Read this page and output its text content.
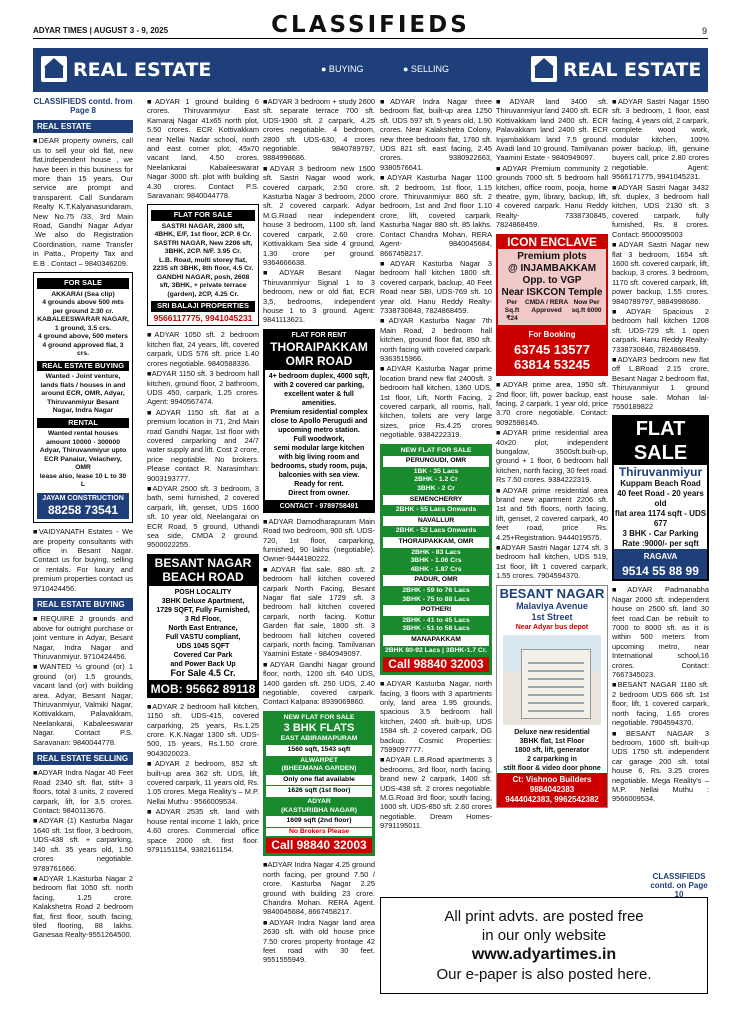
ADYAR TIMES | AUGUST 3 - 9, 2025	CLASSIFIEDS	9
REAL ESTATE	● BUYING	● SELLING	REAL ESTATE
CLASSIFIEDS contd. from Page 8
REAL ESTATE

■DEAR property owners, call us to sell your old flat, new flat,independent house , we have been in this business for more than 15 years. Our service are prompt and transparent. Call Sundaram Realty K.T.Kalyanasundaram, New No.75 /33, 3rd Main Road, Gandhi Nagar Adyar .We also do Registration Coordination, name Transfer in Patta., Property Tax and E.B . Contact – 9840346209.

FOR SALE
AKKARAI (Sea clip)
4 grounds above 500 mts
per ground 2.30 cr.
KABALEESWARAR NAGAR,
1 ground, 3.5 crs.
4 ground above, 500 meters
4 ground approved flat, 3 crs.
REAL ESTATE BUYING
Wanted - Joint venture, lands flats / houses in and around ECR, OMR, Adyar, Thiruvanmiyur Besant Nagar, Indra Nagar
RENTAL
Wanted rental houses amount 10000 - 300000
Adyar, Thiruvanmiyur upto ECR Panaiur, Velachery, OMR
lease also, lease 10 L to 30 L
JAYAM CONSTRUCTION
88258 73541

■VAIDYANATH Estates - We are property consultants with office in Besant Nagar. Contact us for buying, selling or rentals. For luxury and premium properties contact us 9710424456.

REAL ESTATE BUYING

■REQUIRE 2 grounds and above for outright purchase or joint venture in Adyar, Besant Nagar, Indra Nagar and Thiruvanmiyur. 9710424456.

■WANTED ½ ground (or) 1 ground (or) 1.5 grounds, vacant land (or) with building area. Adyar, Besant Nagar, Thiruvanmiyur, Valmiki Nagar, Kottivakkam, Palavakkam, Neelankarai, Kabaleeswarar Nagar. Contact P.S. Saravanan: 9840044778.

REAL ESTATE SELLING

■ADYAR Indra Nagar 40 Feet Road 2340 sft. flat, stilt+ 3 floors, total 3 units, 2 covered carpark, lift, for 3.5 crores. Contact: 9840113676.

■ADYAR (1) Kasturba Nagar 1640 sft. 1st floor, 3 bedroom, UDS-438 sft. + carparking, 140 sft. 35 years old, 1.50 crores negotiable. 9789761666.

■ADYAR 1.Kasturba Nagar 2 bedroom flat 1050 sft. north facing, 1.25 crore. Kalakshetra Road 2 bedroom flat, first floor, south facing, tiled flooring, 88 lakhs. Ganesaa Realty-9551264500.

■ADYAR 1 ground building 6 crores. Thiruvanmiyur East Kamaraj Nagar 41x65 north plot, 5.50 crores. ECR Kottivakkam near Nellai Nadar school, north and east corner plot, 45x70 vacant land, 4.50 crores. Neelankarai Kabaleeswarar Nagar 3000 sft. plot with building 4.30 crores. Contact P.S. Saravanan: 9840044778.

FLAT FOR SALE
SASTRI NAGAR, 2800 sft, 4BHK, E/F, 1st floor, 2CP. 6 Cr.
SASTRI NAGAR, New 2206 sft, 3BHK, 2CP. N/F. 3.95 Cr.
L.B. Road, multi storey flat, 2235 sft 3BHK, 8th floor, 4.5 Cr.
GANDHI NAGAR, posh, 2608 sft, 3BHK, + private terrace (garden), 2CP, 4.25 Cr.
SRI BALAJI PROPERTIES
9566117775, 9941045231

■ADYAR 1050 sft. 2 bedroom kitchen flat, 24 years, lift, covered carpark, UDS 576 sft. price 1.40 crores negotiable. 9840588336.

■ADYAR 1150 sft. 3 bedroom hall kitchen, ground floor, 2 bathroom, UDS 450, carpark, 1.25 crores. Agent: 9940567474.

■ADYAR 1150 sft. flat at a premium location in 71, 2nd Main road Gandhi Nagar, 1st floor with covered carparking and 24/7 water supply and lift. Cost 2 crore, price negotiable. No brokers. Please contact R. Narasimhan: 9003193777.

■ADYAR 2500 sft. 3 bedroom, 3 bath, semi furnished, 2 covered carpark, lift, genset, UDS 1600 sft. 10 year old, Neelangarai on ECR Road, 5 ground, Uthandi sea side, CMDA 2 ground. 9500022255.

BESANT NAGAR
BEACH ROAD
POSH LOCALITY
3BHK Deluxe Apartment,
1729 SQFT, Fully Furnished,
3 Rd Floor,
North East Entrance,
Full VASTU compliant,
UDS 1045 SQFT
Covered Car Park
and Power Back Up
For Sale 4.5 Cr.
MOB: 95662 89118

■ADYAR 2 bedroom hall kitchen, 1150 sft. UDS-415, covered carparking, 25 years, Rs.1.25 crore. K.K.Nagar 1300 sft. UDS-500, 15 years, Rs.1.50 crore. 9043020023.

■ADYAR 2 bedroom, 852 sft. built-up area 362 sft. UDS, lift, covered carpark, 11 years old, Rs. 1.05 crores. Mega Reality's – M.P. Nellai Muthu : 9566009534.

■ADYAR 2535 sft. land with house rental income 1 lakh, price 4.60 crores. Commercial office space 2000 sft. first floor. 9791151154, 9382161154.

■ADYAR 3 bedroom + study 2600 sft. separate terrace 700 sft. UDS-1900 sft. 2 carpark, 4.25 crores negotiable. 4 bedroom, 2800 sft. UDS-630, 4 crores negotiable. 9840789797, 9884998686.

■ADYAR 3 bedroom new 1500 sft. Sastri Nagar wood work, covered carpark, 2.50 crore. Kasturba Nagar 3 bedroom, 2000 sft. 2 covered carpark. Adyar M.G.Road near independent house 3 bedroom, 1100 sft. land covered carpark, 2.60 crore. Kottivakkam Sea side 4 ground, 1.30 crore per ground. 9364666638.

■ADYAR Besant Nagar Thiruvanmiyur Signal 1 to 3 bedroom, new or old flat, ECR 3,5, bedrooms, independent house 1 to 3 ground. Agent: 9841113621.

FLAT FOR RENT
THORAIPAKKAM
OMR ROAD
4+ bedroom duplex, 4000 sqft, with 2 covered car parking, excellent water & full amenities.
Premium residential complex close to Apollo Perugudi and upcoming metro station.
Full woodwork,
semi modular large kitchen with big living room and
bedrooms, study room, puja, balconies with sea view.
Ready for rent.
Direct from owner.
CONTACT - 9789758491

■ADYAR Damodharapuram Main Road two bedroom, 900 sft. UDS-720, 1st floor, carparking, furnished, 90 lakhs (negotiable). Owner-9444180222.

■ADYAR flat sale. 880 sft. 2 bedroom hall kitchen covered carpark North Facing, Besant Nagar flat sale 1729 sft. 3 bedroom hall kitchen covered carpark, north facing. Kottur Garden flat sale, 1800 sft. 3 bedroom hall kitchen covered carpark, north facing. Tamilvanan Yaamini Estate - 9840949097.

■ADYAR Gandhi Nagar ground floor, north, 1200 sft. 640 UDS, 1400 garden sft. 250 UDS, 2.40 negotiable, covered carpark. Contact Kalpana: 8939069860.

NEW FLAT FOR SALE
3 BHK FLATS
EAST ABIRAMAPURAM
1560 sqft, 1543 sqft
ALWARPET
(BHEEMANA GARDEN)
Only one flat available
1626 sqft (1st floor)
ADYAR
(KASTURIBHA NAGAR)
1609 sqft (2nd floor)
No Brokers Please
Call 98840 32003

■ADYAR Indra Nagar 4.25 ground north facing, per ground 7.50 / crore. Kasturba Nagar 2.25 ground with building 23 crore. Chandra Mohan. RERA Agent. 9840045684, 8667458217.

■ADYAR Indra Nagar land area 2630 sft. with old house price 7.50 crores property frontage 42 feet road with 30 feet. 9551555949.

■ADYAR Indra Nagar three bedroom flat, built-up area 1250 sft. UDS 597 sft. 5 years old, 1.90 crores. Near Kalakshetra Colony, new three bedroom flat, 1760 sft. UDS 821 sft. east facing, 2.45 crores. 9380922663, 9380576641.

■ADYAR Kasturba Nagar 1100 sft. 2 bedroom, 1st floor, 1.15 crore. Thiruvanmiyur 860 sft. 2 bedroom, 1st and 2nd floor 1.10 crore, lift, covered carpark. Kasturba Nagar 880 sft. 85 lakhs. Contact Chandra Mohan, RERA Agent- 9840045684, 8667458217.

■ADYAR Kasturba Nagar 3 bedroom hall kitchen 1800 sft. covered carpark, backup, 40 Feet Road near SBI, UDS-769 sft. 10 year old. Hanu Reddy Realty-7338730848, 7824868459.

■ADYAR Kasturba Nagar 7th Main Road, 2 bedroom hall kitchen, ground floor flat, 850 sft. north facing with covered carpark. 9363515966.

■ADYAR Kasturba Nagar prime location brand new flat 2400sft. 3 bedroom hall kitchen, 1360 UDS, 1st floor, Lift, North Facing, 2 covered carpark, all rooms, hall, kitchen, toilets are very large sizes, price Rs.4.25 crores negotiable. 9384222319.

NEW FLAT FOR SALE
PERUNGUDI, OMR
1BK - 35 Lacs
2BHK - 1.2 Cr
3BHK - 2 Cr
SEMENCHERRY
2BHK - 55 Lacs Onwards
NAVALLUR
2BHK - 52 Lacs Onwards
THORAIPAKKAM, OMR
2BHK - 83 Lacs
3BHK - 1.06 Crs
4BHK - 1.87 Crs
PADUR, OMR
2BHK - 59 to 76 Lacs
3BHK - 75 to 88 Lacs
POTHERI
2BHK - 41 to 45 Lacs
3BHK - 51 to 58 Lacs
MANAPAKKAM
2BHK 80-92 Lacs | 3BHK-1.7 Cr.
Call 98840 32003

■ADYAR Kasturba Nagar, north facing, 3 floors with 3 apartments only, land area 1.95 grounds, spacious 3.5 bedroom hall kitchen, 2400 sft. built-up, UDS 1584 sft. 2 covered carpark, DG backup. Cosmic Properties: 7599097777.

■ADYAR L.B.Road apartments 3 bedrooms, 3rd floor, north facing, brand new 2 carpark, 1400 sft. UDS-438 sft. 2 crores negotiable. M.G.Road 3rd floor, south facing, 1600 sft. UDS-850 sft. 2.60 crores negotiable. Dream Homes- 9791195011.

■ADYAR land 3400 sft. Thiruvanmiyur land 2400 sft. ECR Kottivakkam land 2400 sft. ECR Palavakkam land 2400 sft. ECR Injambakkam land 7.5 ground. Avadi land 10 ground. Tamilvanan Yaamini Estate - 9840949097.

■ADYAR Premium community 2 grounds 7000 sft. 5 bedroom hall kitchen, office room, pooja, home theatre, gym, library, backup, lift, 4 covered carpark. Hanu Reddy Realty- 7338730845, 7824868459.

ICON ENCLAVE
Premium plots
@ INJAMBAKKAM
Opp. to VGP
Near ISKCON Temple
Per Sq.ft ₹24
CMDA / RERA Approved
Now Per sq.ft 6000
For Booking
63745 13577
63814 53245

■ADYAR prime area, 1950 sft. 2nd floor, lift, power backup, east facing, 2 carpark, 1 year old, price 3.70 crore negotiable. Contact: 9092598145.

■ADYAR prime residential area 40x20 plot, independent bungalow, 3500sft.built-up, ground + 1 floor, 6 bedroom hall kitchen, north facing, 30 feet road. Rs 7.50 crores. 9384222319.

■ADYAR prime residential area brand new apartment 2206 sft. 1st and 5th floors, north facing, lift, genset, 2 covered carpark, 40 feet road, price Rs. 4.25+Registration. 9444019575.

■ADYAR Sastri Nagar 1274 sft. 3 bedroom hall kitchen, UDS 519, 1st floor, lift 1 covered carpark, 1.55 crores. 7904594370.

BESANT NAGAR
Malaviya Avenue
1st Street
Near Adyar bus depot
Deluxe new residential
3BHK flat, 1st Floor
1800 sft, lift, generator
2 carparking in
stilt floor & video door phone
Ct: Vishnoo Builders
9884042383
9444042383, 9962542382

■ADYAR Sastri Nagar 1590 sft. 3 bedroom, 1 floor, east facing, 4 years old, 2 carpark, complete wood work, modular kitchen, 100% power backup, lift, genuine buyers call, price 2.80 crores negotiable. Agent: 9566171775, 9941045231.

■ADYAR Sastri Nagar 3432 sft. duplex, 3 bedroom hall kitchen, UDS 2130 sft. 3 covered carpark, fully furnished, Rs. 8 crores. Contact: 9500095003

■ADYAR Sastri Nagar new flat 3 bedroom, 1654 sft. 1600 sft. covered carpark, lift, backup, 3 crores. 3 bedroom, 1170 sft. covered carpark, lift, power backup, 1.55 crores. 9840789797, 9884998686.

■ADYAR Spacious 2 bedroom hall kitchen 1208 sft. UDS-729 sft. 1 open carpark. Hanu Reddy Realty- 7338730846, 7824868459.

■ADYAR3 bedroom new flat off L.BRoad 2.15 crore, Besant Nagar 2 bedroom flat, Thiruvanmiyur 1 ground house sale. Mohan lal- 7550189822

FLAT SALE
Thiruvanmiyur
Kuppam Beach Road
40 feet Road - 20 years old
flat area 1174 sqft - UDS 677
3 BHK - Car Parking
Rate :9000/- per sqft
RAGAVA
9514 55 88 99

■ADYAR Padmanabha Nagar 2000 sft. independent house on 2500 sft. land 30 feet road.Can be rebuilt to 7000 to 8000 sft. as it is within 500 meters from upcoming metro, near International school,16 crores. Contact: 7667345023.

■BESANT NAGAR 1180 sft. 2 bedroom UDS 666 sft. 1st floor, lift, 1 covered carpark, north facing, 1.65 crores negotiable. 7904594370.

■BESANT NAGAR 3 bedroom, 1600 sft. built-up UDS 1750 sft. independent car garage 200 sft. total house 6, Rs. 3.25 crores negotiable. Mega Reality's – M.P. Nellai Muthu : 9566009534.

CLASSIFIEDS contd. on Page 10
All print advts. are posted free
in our only website
www.adyartimes.in
Our e-paper is also posted here.
